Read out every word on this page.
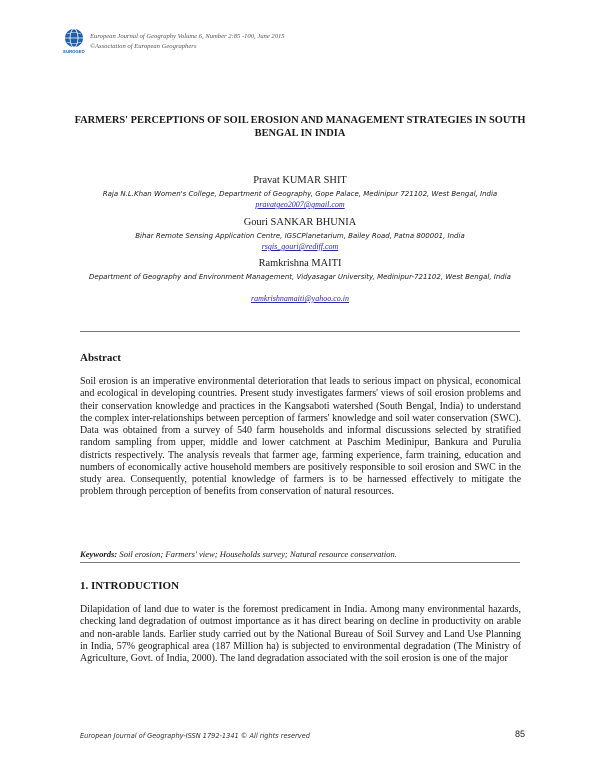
EUROGEO
European Journal of Geography Volume 6, Number 2:85 -100, June 2015
©Association of European Geographers
FARMERS' PERCEPTIONS OF SOIL EROSION AND MANAGEMENT STRATEGIES IN SOUTH BENGAL IN INDIA
Pravat KUMAR SHIT
Raja N.L.Khan Women's College, Department of Geography, Gope Palace, Medinipur 721102, West Bengal, India
pravatgeo2007@gmail.com
Gouri SANKAR BHUNIA
Bihar Remote Sensing Application Centre, IGSCPlanetarium, Bailey Road, Patna 800001, India
rsgis_gouri@rediff.com
Ramkrishna MAITI
Department of Geography and Environment Management, Vidyasagar University, Medinipur-721102, West Bengal, India
ramkrishnamaiti@yahoo.co.in
Abstract
Soil erosion is an imperative environmental deterioration that leads to serious impact on physical, economical and ecological in developing countries. Present study investigates farmers' views of soil erosion problems and their conservation knowledge and practices in the Kangsaboti watershed (South Bengal, India) to understand the complex inter-relationships between perception of farmers' knowledge and soil water conservation (SWC). Data was obtained from a survey of 540 farm households and informal discussions selected by stratified random sampling from upper, middle and lower catchment at Paschim Medinipur, Bankura and Purulia districts respectively. The analysis reveals that farmer age, farming experience, farm training, education and numbers of economically active household members are positively responsible to soil erosion and SWC in the study area. Consequently, potential knowledge of farmers is to be harnessed effectively to mitigate the problem through perception of benefits from conservation of natural resources.
Keywords: Soil erosion; Farmers' view; Households survey; Natural resource conservation.
1. INTRODUCTION
Dilapidation of land due to water is the foremost predicament in India. Among many environmental hazards, checking land degradation of outmost importance as it has direct bearing on decline in productivity on arable and non-arable lands. Earlier study carried out by the National Bureau of Soil Survey and Land Use Planning in India, 57% geographical area (187 Million ha) is subjected to environmental degradation (The Ministry of Agriculture, Govt. of India, 2000). The land degradation associated with the soil erosion is one of the major
European Journal of Geography-ISSN 1792-1341 © All rights reserved	85
